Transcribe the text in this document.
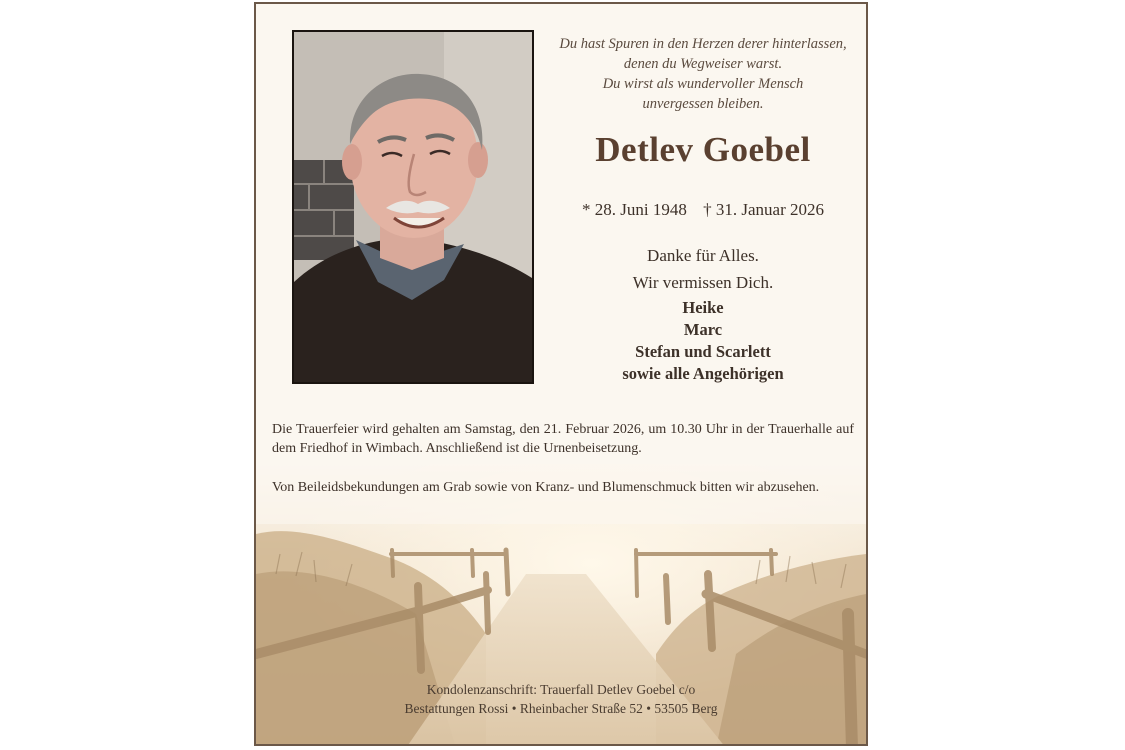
Du hast Spuren in den Herzen derer hinterlassen,
denen du Wegweiser warst.
Du wirst als wundervoller Mensch
unvergessen bleiben.
Detlev Goebel
* 28. Juni 1948 † 31. Januar 2026
Danke für Alles.
Wir vermissen Dich.
Heike
Marc
Stefan und Scarlett
sowie alle Angehörigen
Die Trauerfeier wird gehalten am Samstag, den 21. Februar 2026, um 10.30 Uhr in der Trauerhalle auf dem Friedhof in Wimbach. Anschließend ist die Urnenbeisetzung.
Von Beileidsbekundungen am Grab sowie von Kranz- und Blumenschmuck bitten wir abzusehen.
Kondolenzanschrift: Trauerfall Detlev Goebel c/o
Bestattungen Rossi • Rheinbacher Straße 52 • 53505 Berg
